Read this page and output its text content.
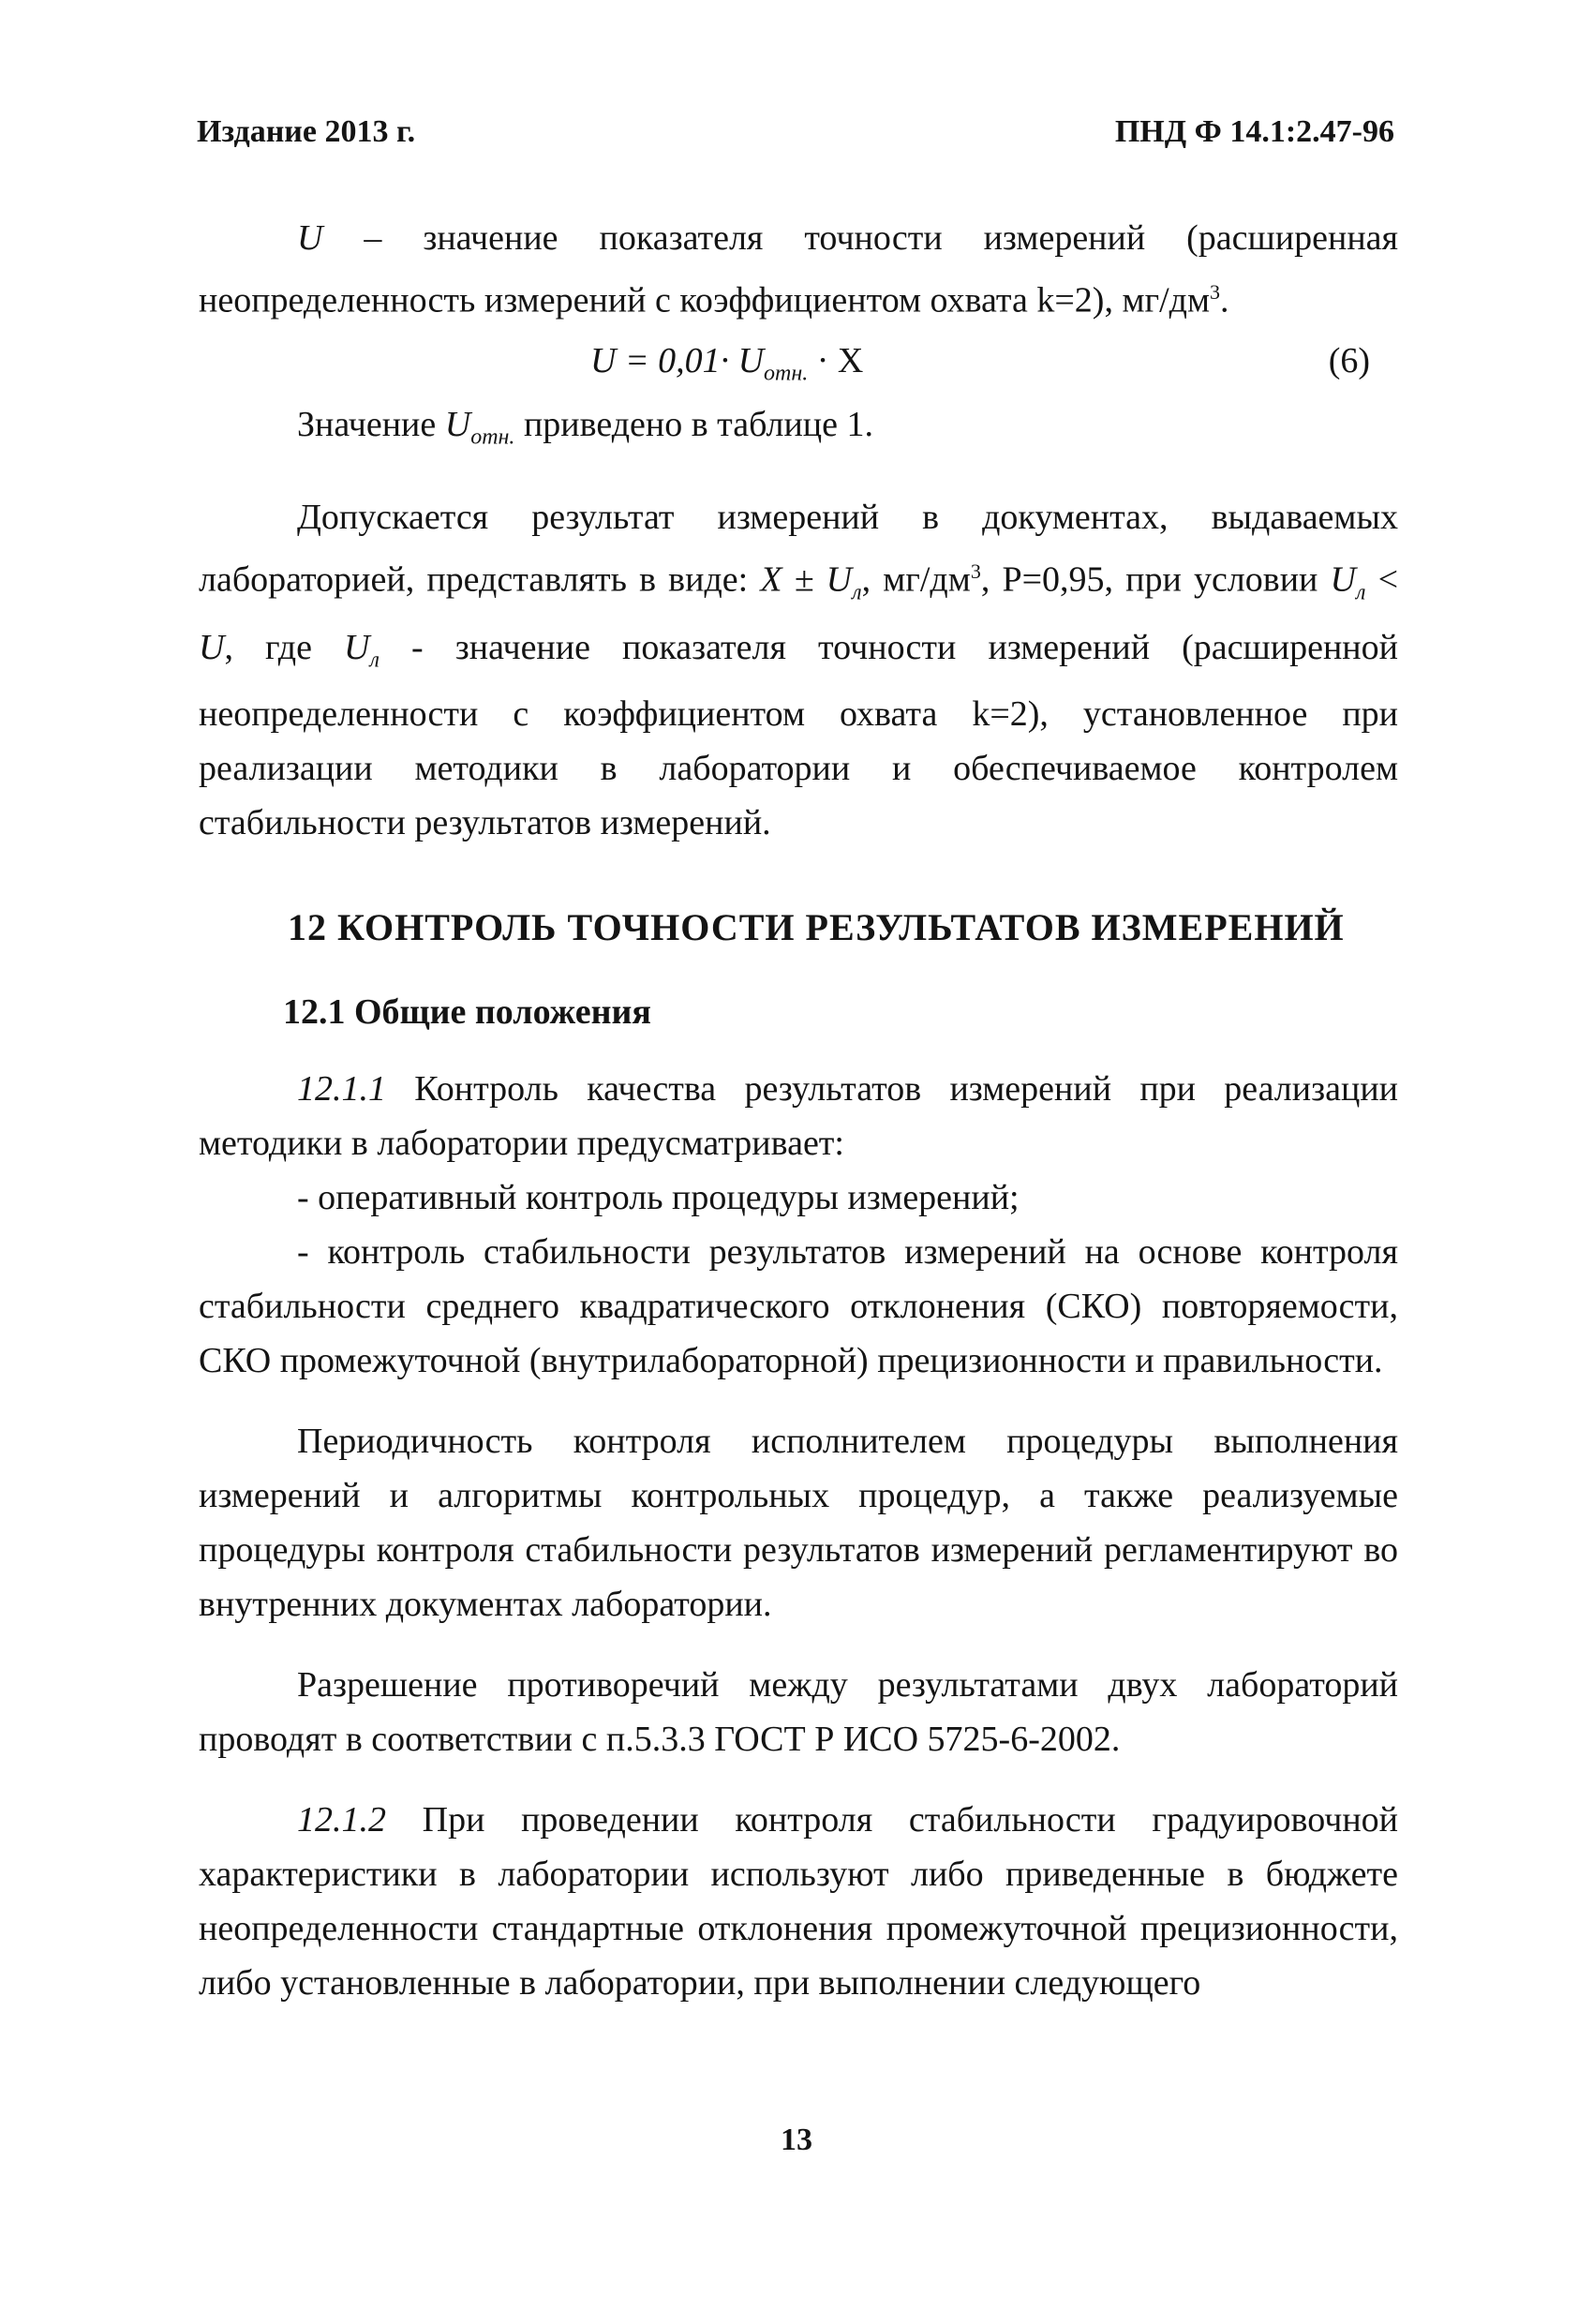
Издание 2013 г.	ПНД Ф 14.1:2.47-96

U – значение показателя точности измерений (расширенная неопределенность измерений с коэффициентом охвата k=2), $мг/дм^3$.

$U = 0,01\cdot U_{отн.} \cdot X$	(6)

Значение $U_{отн.}$ приведено в таблице 1.

Допускается результат измерений в документах, выдаваемых лабораторией, представлять в виде: $X \pm U_л$, $мг/дм^3$, P=0,95, при условии $U_л < U$, где $U_л$ - значение показателя точности измерений (расширенной неопределенности с коэффициентом охвата k=2), установленное при реализации методики в лаборатории и обеспечиваемое контролем стабильности результатов измерений.

12 КОНТРОЛЬ ТОЧНОСТИ РЕЗУЛЬТАТОВ ИЗМЕРЕНИЙ
12.1 Общие положения

12.1.1 Контроль качества результатов измерений при реализации методики в лаборатории предусматривает:

- оперативный контроль процедуры измерений;

- контроль стабильности результатов измерений на основе контроля стабильности среднего квадратического отклонения (СКО) повторяемости, СКО промежуточной (внутрилабораторной) прецизионности и правильности.

Периодичность контроля исполнителем процедуры выполнения измерений и алгоритмы контрольных процедур, а также реализуемые процедуры контроля стабильности результатов измерений регламентируют во внутренних документах лаборатории.

Разрешение противоречий между результатами двух лабораторий проводят в соответствии с п.5.3.3 ГОСТ Р ИСО 5725-6-2002.

12.1.2 При проведении контроля стабильности градуировочной характеристики в лаборатории используют либо приведенные в бюджете неопределенности стандартные отклонения промежуточной прецизионности, либо установленные в лаборатории, при выполнении следующего

13
